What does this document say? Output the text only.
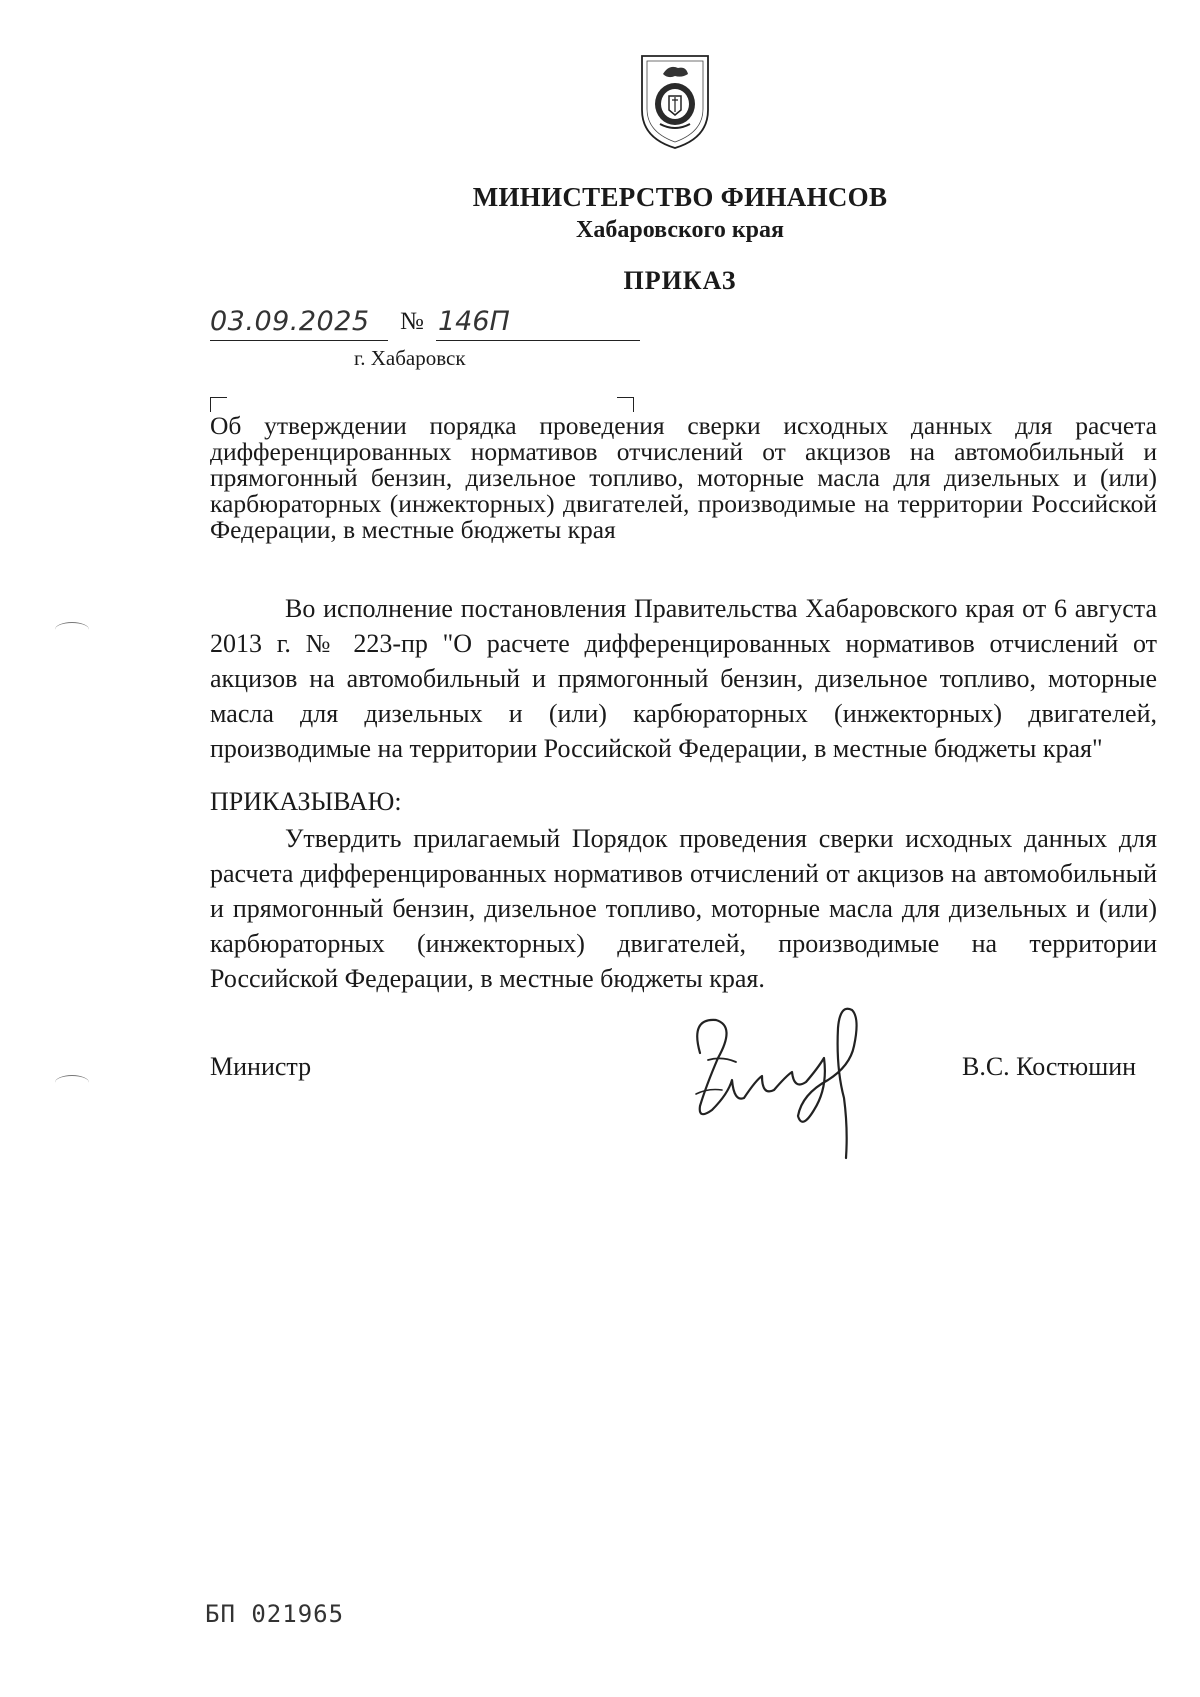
МИНИСТЕРСТВО ФИНАНСОВ
Хабаровского края
ПРИКАЗ
03.09.2025	№ 146П
г. Хабаровск
Об утверждении порядка проведения сверки исходных данных для расчета дифференцированных нормативов отчислений от акцизов на автомобильный и прямогонный бензин, дизельное топливо, моторные масла для дизельных и (или) карбюраторных (инжекторных) двигателей, производимые на территории Российской Федерации, в местные бюджеты края
Во исполнение постановления Правительства Хабаровского края от 6 августа 2013 г. № 223-пр "О расчете дифференцированных нормативов отчислений от акцизов на автомобильный и прямогонный бензин, дизельное топливо, моторные масла для дизельных и (или) карбюраторных (инжекторных) двигателей, производимые на территории Российской Федерации, в местные бюджеты края"
ПРИКАЗЫВАЮ:
Утвердить прилагаемый Порядок проведения сверки исходных данных для расчета дифференцированных нормативов отчислений от акцизов на автомобильный и прямогонный бензин, дизельное топливо, моторные масла для дизельных и (или) карбюраторных (инжекторных) двигателей, производимые на территории Российской Федерации, в местные бюджеты края.
Министр	В.С. Костюшин
БП 021965
